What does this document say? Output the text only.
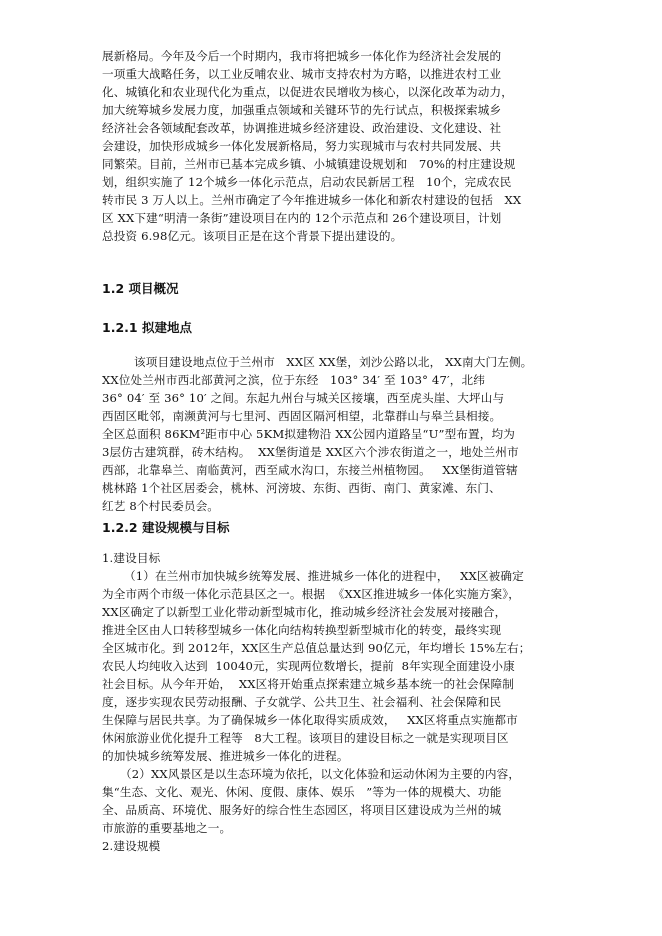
展新格局。今年及今后一个时期内，我市将把城乡一体化作为经济社会发展的
一项重大战略任务，以工业反哺农业、城市支持农村为方略，以推进农村工业
化、城镇化和农业现代化为重点，以促进农民增收为核心，以深化改革为动力，
加大统筹城乡发展力度，加强重点领域和关键环节的先行试点，积极探索城乡
经济社会各领域配套改革，协调推进城乡经济建设、政治建设、文化建设、社
会建设，加快形成城乡一体化发展新格局，努力实现城市与农村共同发展、共
同繁荣。目前，兰州市已基本完成乡镇、小城镇建设规划和   70%的村庄建设规
划，组织实施了 12个城乡一体化示范点，启动农民新居工程   10个，完成农民
转市民 3 万人以上。兰州市确定了今年推进城乡一体化和新农村建设的包括   XX
区 XX下建“明清一条街”建设项目在内的 12个示范点和 26个建设项目，计划
总投资 6.98亿元。该项目正是在这个背景下提出建设的。
1.2 项目概况
1.2.1 拟建地点
该项目建设地点位于兰州市   XX区 XX堡，刘沙公路以北， XX南大门左侧。
XX位处兰州市西北部黄河之滨，位于东经   103° 34′ 至 103° 47′，北纬
36° 04′ 至 36° 10′ 之间。东起九州台与城关区接壤，西至虎头崖、大坪山与
西固区毗邻，南濒黄河与七里河、西固区隔河相望，北靠群山与皋兰县相接。
全区总面积 86KM²距市中心 5KM拟建物沿 XX公园内道路呈“U”型布置，均为
3层仿古建筑群，砖木结构。  XX堡街道是 XX区六个涉农街道之一，地处兰州市
西部，北靠皋兰、南临黄河，西至咸水沟口，东接兰州植物园。   XX堡街道管辖
桃林路 1个社区居委会，桃林、河滂坡、东街、西街、南门、黄家滩、东门、
红艺 8个村民委员会。
1.2.2 建设规模与目标
1.建设目标
（1）在兰州市加快城乡统筹发展、推进城乡一体化的进程中，   XX区被确定
为全市两个市级一体化示范县区之一。根据  《XX区推进城乡一体化实施方案》，
XX区确定了以新型工业化带动新型城市化，推动城乡经济社会发展对接融合，
推进全区由人口转移型城乡一体化向结构转换型新型城市化的转变，最终实现
全区城市化。到 2012年，XX区生产总值总量达到 90亿元，年均增长 15%左右；
农民人均纯收入达到  10040元，实现两位数增长，提前  8年实现全面建设小康
社会目标。从今年开始，  XX区将开始重点探索建立城乡基本统一的社会保障制
度，逐步实现农民劳动报酬、子女就学、公共卫生、社会福利、社会保障和民
生保障与居民共享。为了确保城乡一体化取得实质成效，   XX区将重点实施都市
休闲旅游业优化提升工程等   8大工程。该项目的建设目标之一就是实现项目区
的加快城乡统筹发展、推进城乡一体化的进程。
（2）XX风景区是以生态环境为依托，以文化体验和运动休闲为主要的内容，
集“生态、文化、观光、休闲、度假、康体、娱乐   ”等为一体的规模大、功能
全、品质高、环境优、服务好的综合性生态园区，将项目区建设成为兰州的城
市旅游的重要基地之一。
2.建设规模
